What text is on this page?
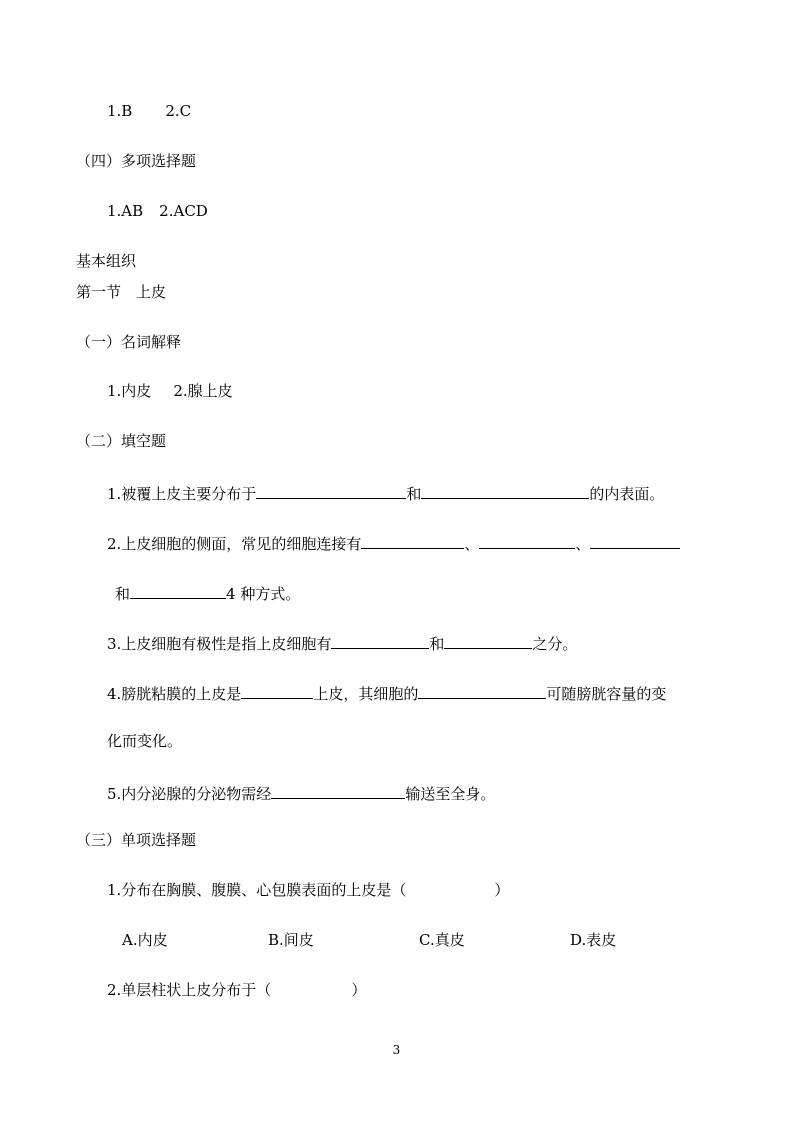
1.B 2.C
（四）多项选择题
1.AB 2.ACD
基本组织
第一节　上皮
（一）名词解释
1.内皮 2.腺上皮
（二）填空题
1.被覆上皮主要分布于	和	的内表面。
2.上皮细胞的侧面，常见的细胞连接有	、	、
和	4 种方式。
3.上皮细胞有极性是指上皮细胞有	和	之分。
4.膀胱粘膜的上皮是	上皮，其细胞的	可随膀胱容量的变
化而变化。
5.内分泌腺的分泌物需经	输送至全身。
（三）单项选择题
1.分布在胸膜、腹膜、心包膜表面的上皮是（	）
A.内皮	B.间皮	C.真皮	D.表皮
2.单层柱状上皮分布于（	）
3
